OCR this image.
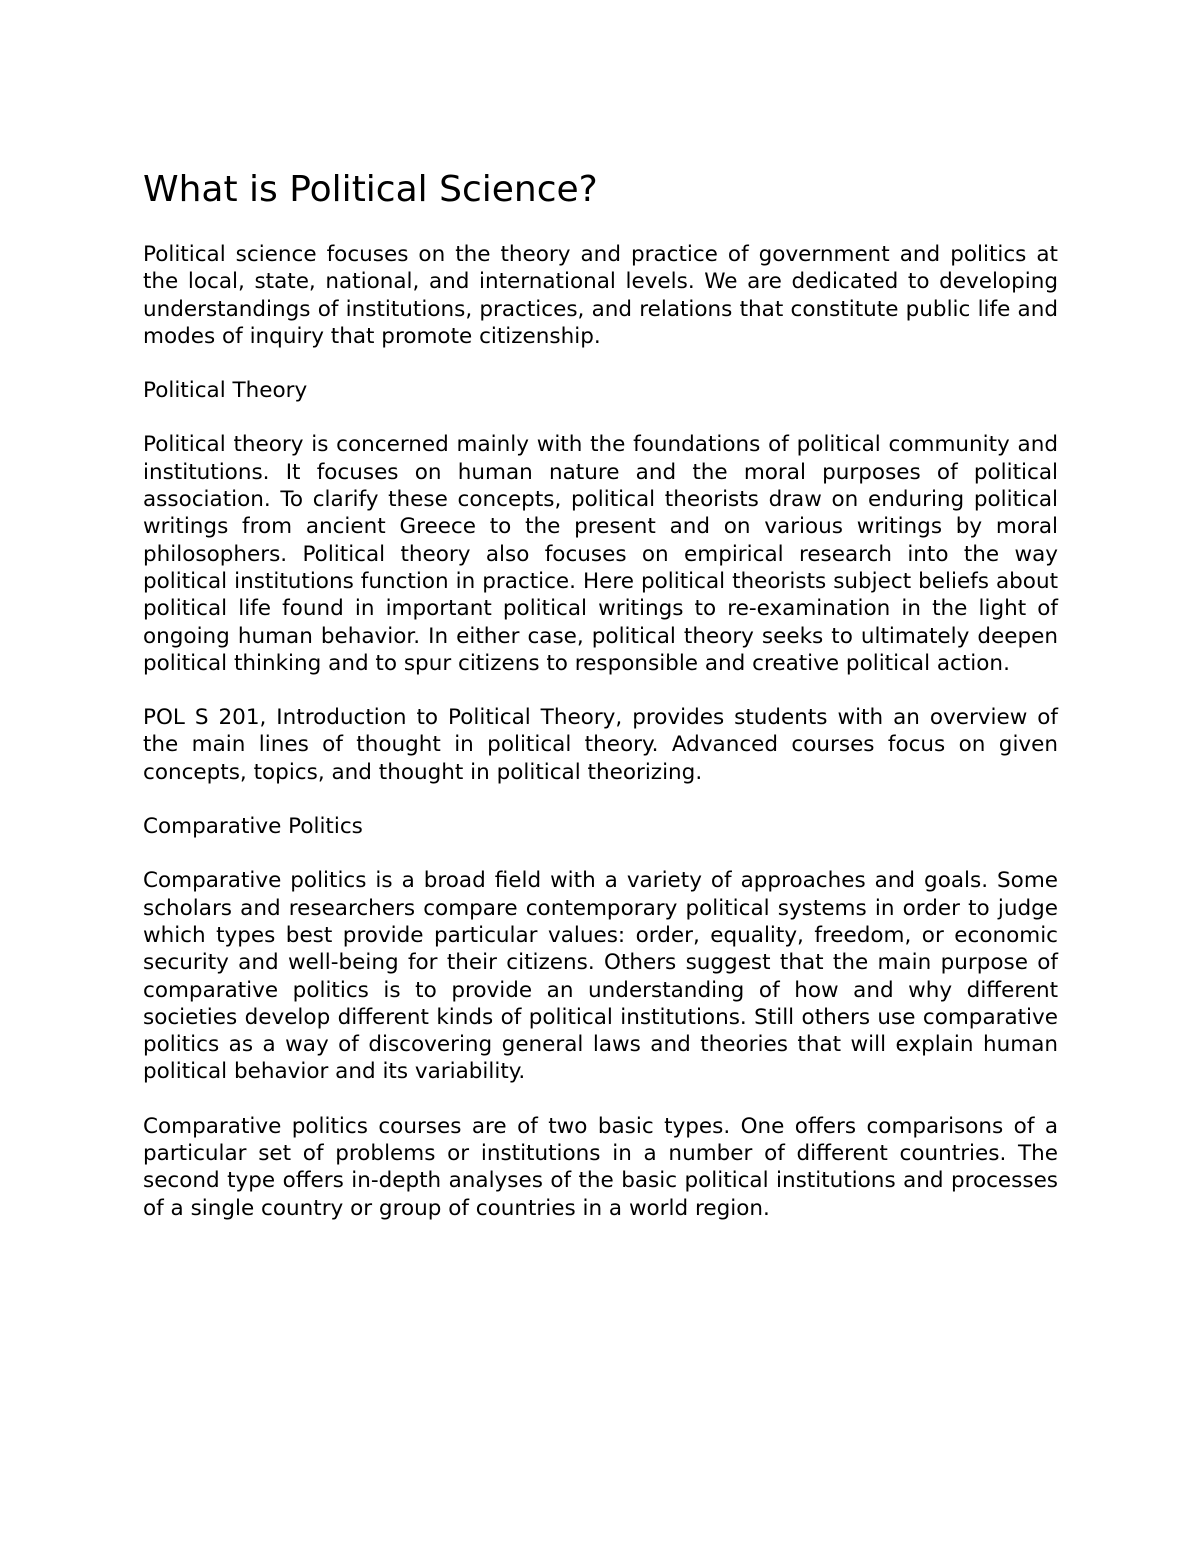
What is Political Science?

Political science focuses on the theory and practice of government and politics at the local, state, national, and international levels. We are dedicated to developing understandings of institutions, practices, and relations that constitute public life and modes of inquiry that promote citizenship.

Political Theory

Political theory is concerned mainly with the foundations of political community and institutions. It focuses on human nature and the moral purposes of political association. To clarify these concepts, political theorists draw on enduring political writings from ancient Greece to the present and on various writings by moral philosophers. Political theory also focuses on empirical research into the way political institutions function in practice. Here political theorists subject beliefs about political life found in important political writings to re-examination in the light of ongoing human behavior. In either case, political theory seeks to ultimately deepen political thinking and to spur citizens to responsible and creative political action.

POL S 201, Introduction to Political Theory, provides students with an overview of the main lines of thought in political theory. Advanced courses focus on given concepts, topics, and thought in political theorizing.

Comparative Politics

Comparative politics is a broad field with a variety of approaches and goals. Some scholars and researchers compare contemporary political systems in order to judge which types best provide particular values: order, equality, freedom, or economic security and well-being for their citizens. Others suggest that the main purpose of comparative politics is to provide an understanding of how and why different societies develop different kinds of political institutions. Still others use comparative politics as a way of discovering general laws and theories that will explain human political behavior and its variability.

Comparative politics courses are of two basic types. One offers comparisons of a particular set of problems or institutions in a number of different countries. The second type offers in-depth analyses of the basic political institutions and processes of a single country or group of countries in a world region.
